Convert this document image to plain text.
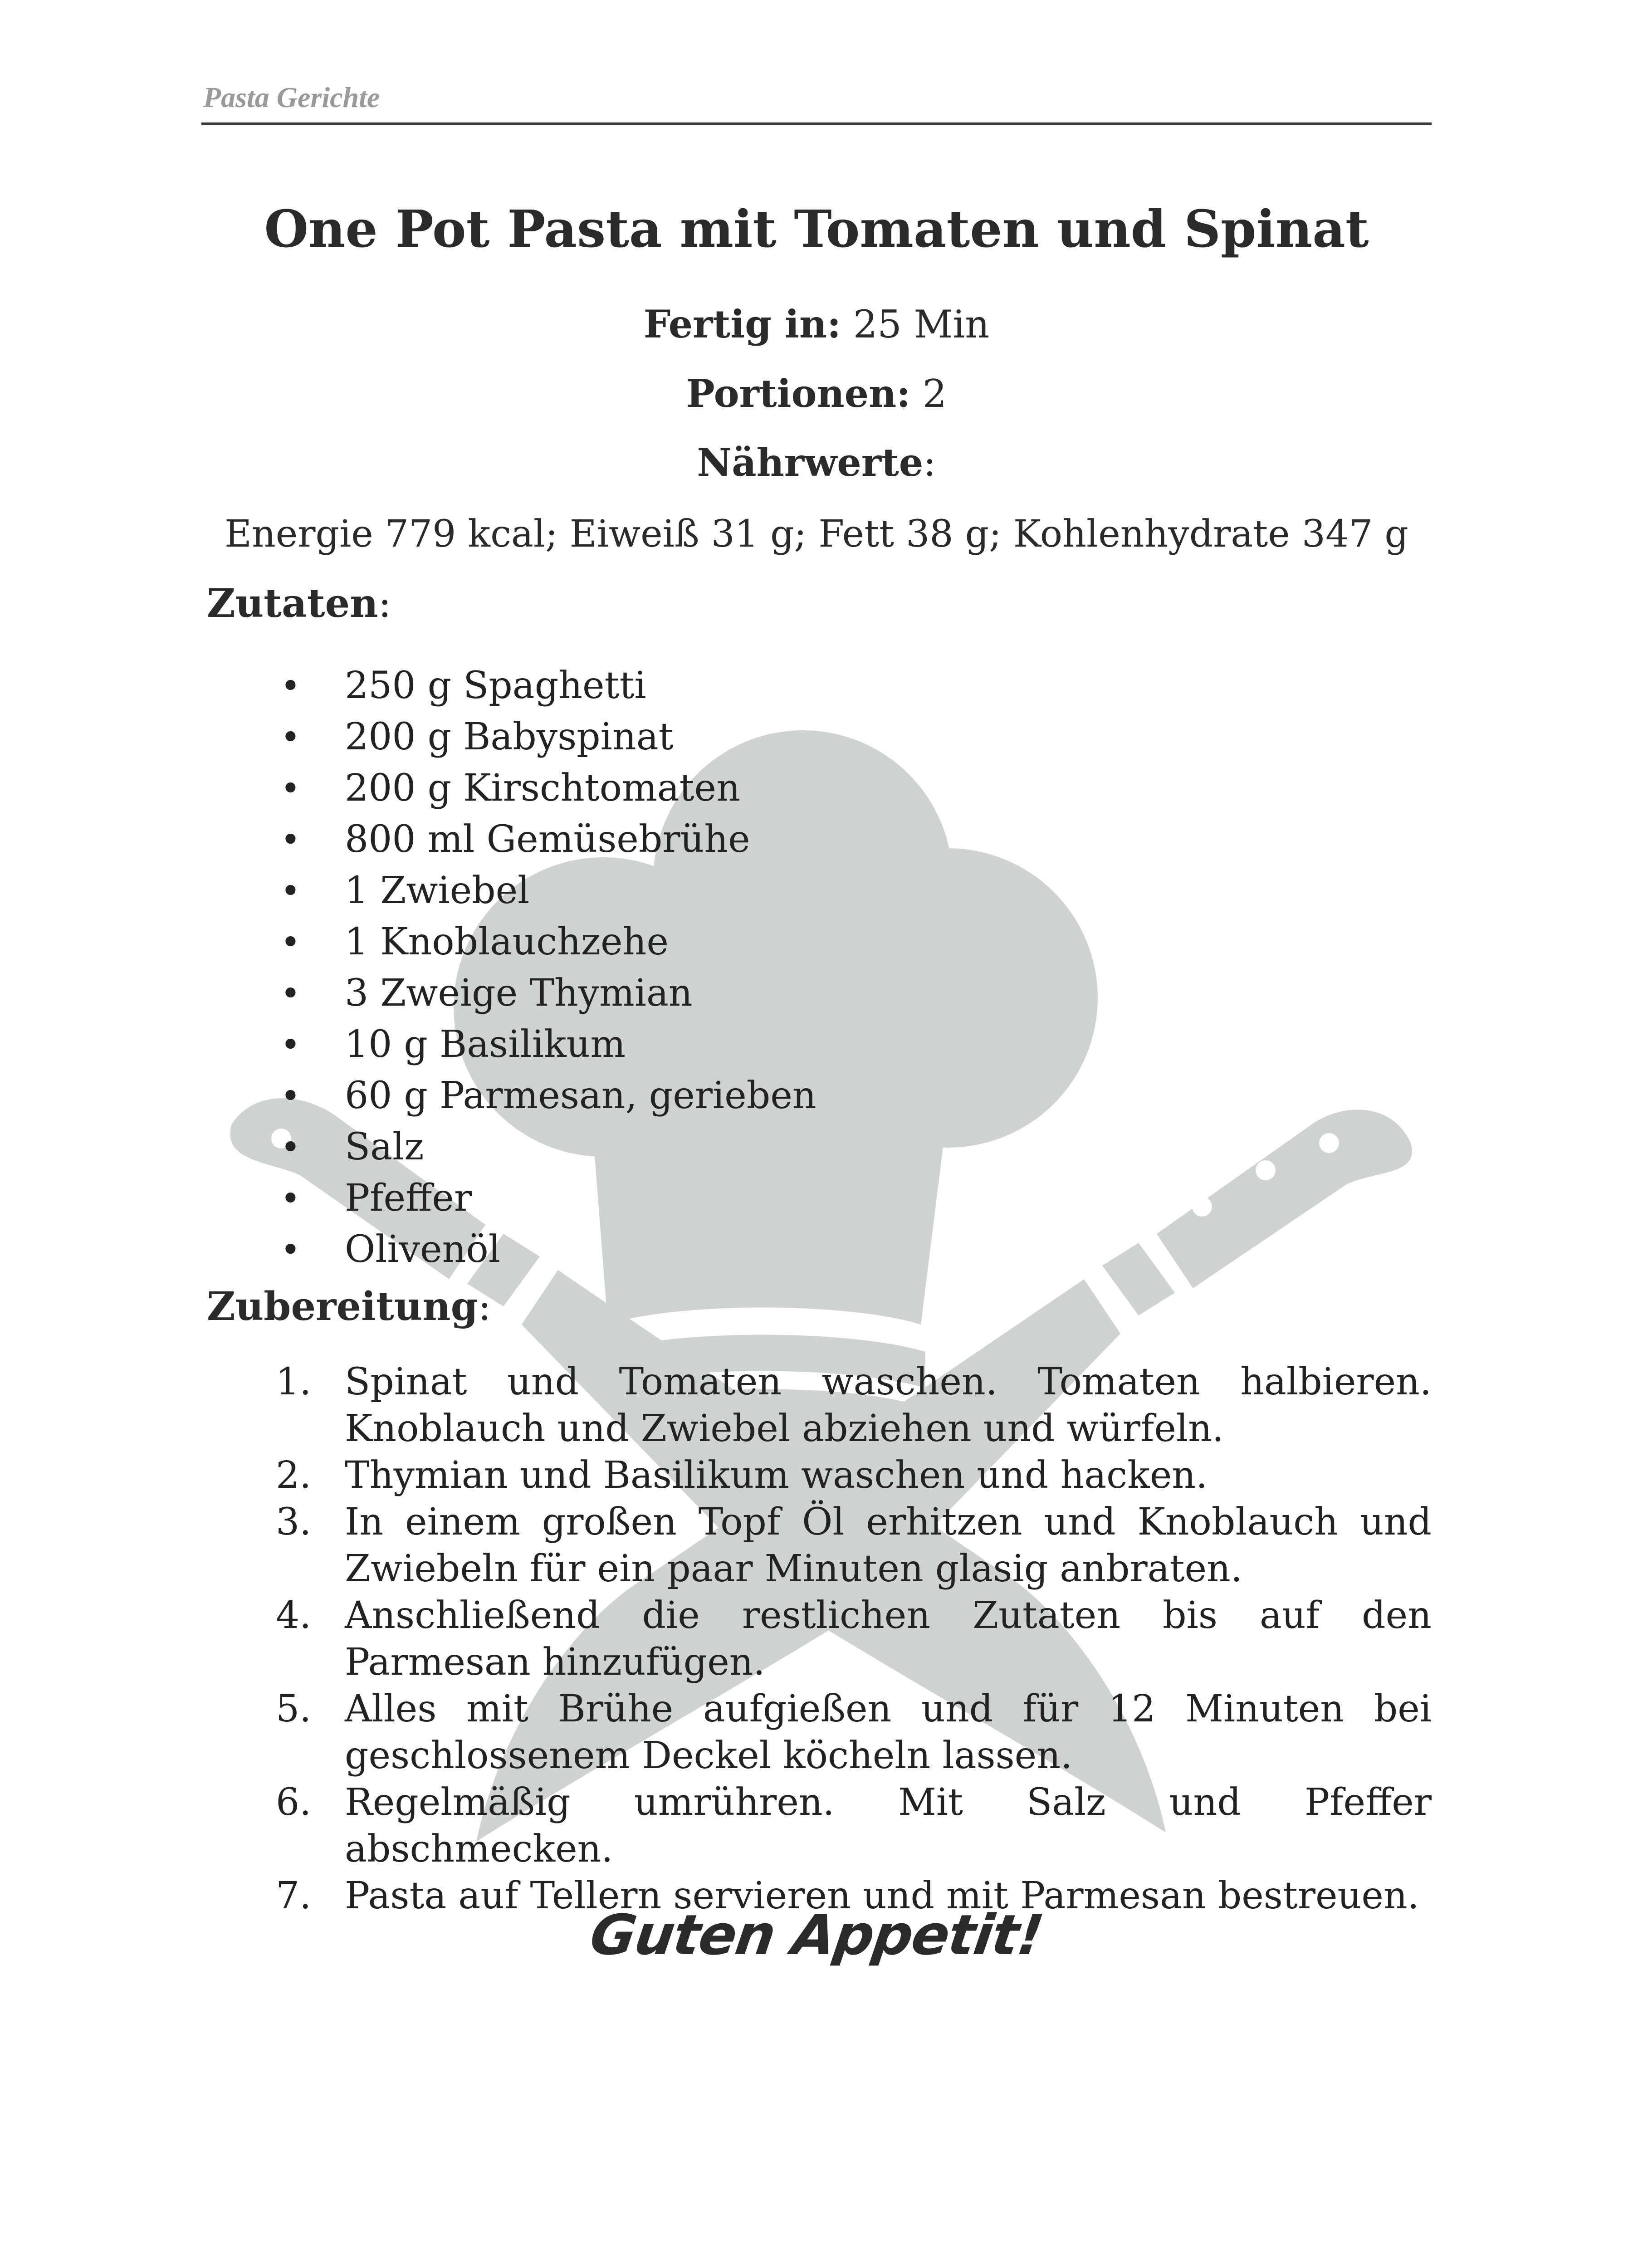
Pasta Gerichte
One Pot Pasta mit Tomaten und Spinat
Fertig in: 25 Min
Portionen: 2
Nährwerte:
Energie 779 kcal; Eiweiß 31 g; Fett 38 g; Kohlenhydrate 347 g
Zutaten:
• 250 g Spaghetti
• 200 g Babyspinat
• 200 g Kirschtomaten
• 800 ml Gemüsebrühe
• 1 Zwiebel
• 1 Knoblauchzehe
• 3 Zweige Thymian
• 10 g Basilikum
• 60 g Parmesan, gerieben
• Salz
• Pfeffer
• Olivenöl
Zubereitung:
1. Spinat und Tomaten waschen. Tomaten halbieren. Knoblauch und Zwiebel abziehen und würfeln.
2. Thymian und Basilikum waschen und hacken.
3. In einem großen Topf Öl erhitzen und Knoblauch und Zwiebeln für ein paar Minuten glasig anbraten.
4. Anschließend die restlichen Zutaten bis auf den Parmesan hinzufügen.
5. Alles mit Brühe aufgießen und für 12 Minuten bei geschlossenem Deckel köcheln lassen.
6. Regelmäßig umrühren. Mit Salz und Pfeffer abschmecken.
7. Pasta auf Tellern servieren und mit Parmesan bestreuen.
Guten Appetit!
